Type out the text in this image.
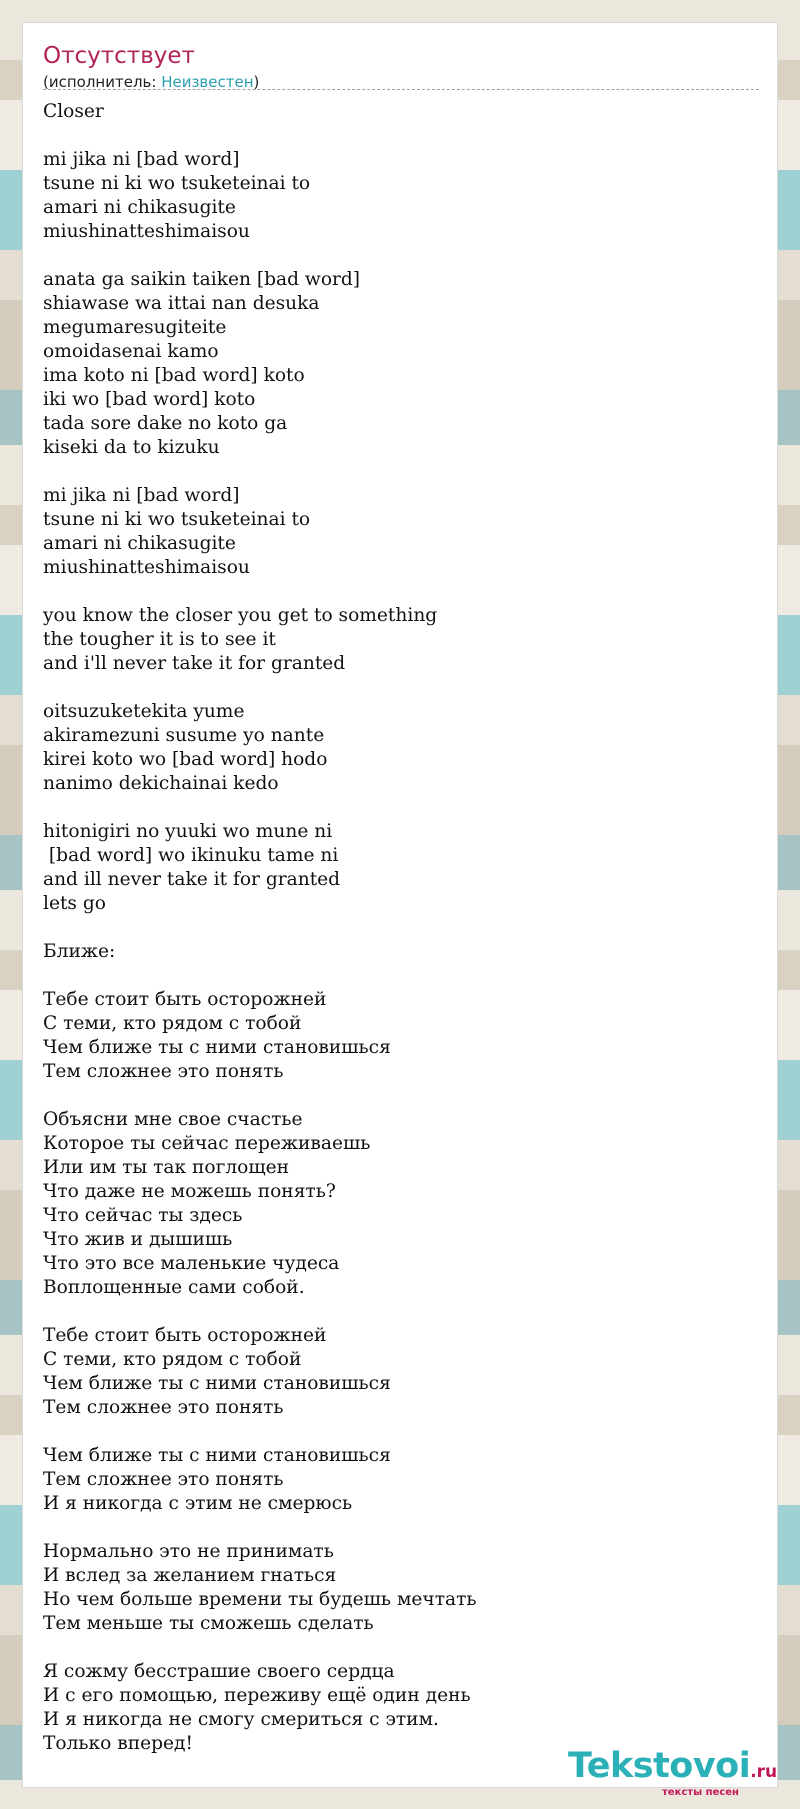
Отсутствует
(исполнитель: Неизвестен)
Closer

mi jika ni [bad word]
tsune ni ki wo tsuketeinai to
amari ni chikasugite
miushinatteshimaisou

anata ga saikin taiken [bad word]
shiawase wa ittai nan desuka
megumaresugiteite
omoidasenai kamo
ima koto ni [bad word] koto
iki wo [bad word] koto
tada sore dake no koto ga
kiseki da to kizuku

mi jika ni [bad word]
tsune ni ki wo tsuketeinai to
amari ni chikasugite
miushinatteshimaisou

you know the closer you get to something
the tougher it is to see it
and i'll never take it for granted

oitsuzuketekita yume
akiramezuni susume yo nante
kirei koto wo [bad word] hodo
nanimo dekichainai kedo

hitonigiri no yuuki wo mune ni
[bad word] wo ikinuku tame ni
and ill never take it for granted
lets go

Ближе:

Тебе стоит быть осторожней
С теми, кто рядом с тобой
Чем ближе ты с ними становишься
Тем сложнее это понять

Объясни мне свое счастье
Которое ты сейчас переживаешь
Или им ты так поглощен
Что даже не можешь понять?
Что сейчас ты здесь
Что жив и дышишь
Что это все маленькие чудеса
Воплощенные сами собой.

Тебе стоит быть осторожней
С теми, кто рядом с тобой
Чем ближе ты с ними становишься
Тем сложнее это понять

Чем ближе ты с ними становишься
Тем сложнее это понять
И я никогда с этим не смерюсь

Нормально это не принимать
И вслед за желанием гнаться
Но чем больше времени ты будешь мечтать
Тем меньше ты сможешь сделать

Я сожму бесстрашие своего сердца
И с его помощью, переживу ещё один день
И я никогда не смогу смериться с этим.
Только вперед!
Tekstovoi.ru
тексты песен
